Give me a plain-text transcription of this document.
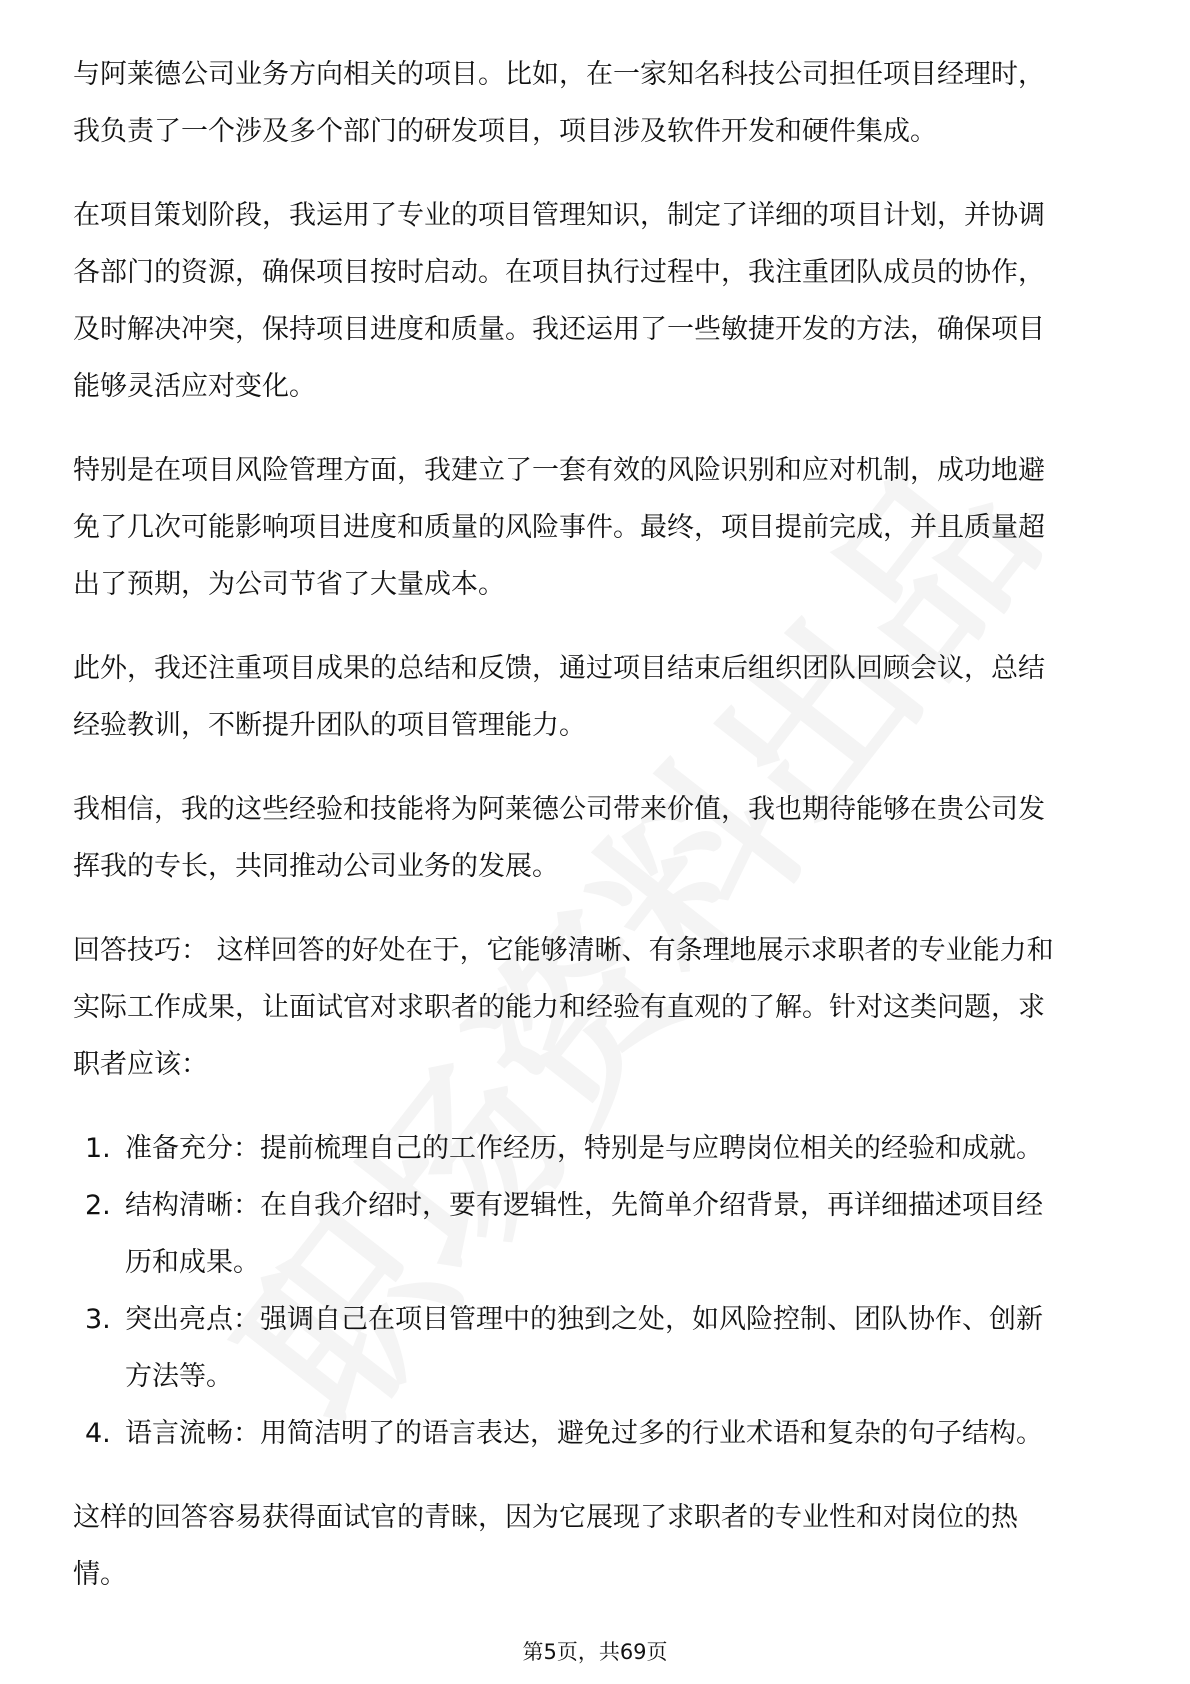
与阿莱德公司业务方向相关的项目。比如，在一家知名科技公司担任项目经理时，
我负责了一个涉及多个部门的研发项目，项目涉及软件开发和硬件集成。
在项目策划阶段，我运用了专业的项目管理知识，制定了详细的项目计划，并协调
各部门的资源，确保项目按时启动。在项目执行过程中，我注重团队成员的协作，
及时解决冲突，保持项目进度和质量。我还运用了一些敏捷开发的方法，确保项目
能够灵活应对变化。
特别是在项目风险管理方面，我建立了一套有效的风险识别和应对机制，成功地避
免了几次可能影响项目进度和质量的风险事件。最终，项目提前完成，并且质量超
出了预期，为公司节省了大量成本。
此外，我还注重项目成果的总结和反馈，通过项目结束后组织团队回顾会议，总结
经验教训，不断提升团队的项目管理能力。
我相信，我的这些经验和技能将为阿莱德公司带来价值，我也期待能够在贵公司发
挥我的专长，共同推动公司业务的发展。
回答技巧： 这样回答的好处在于，它能够清晰、有条理地展示求职者的专业能力和
实际工作成果，让面试官对求职者的能力和经验有直观的了解。针对这类问题，求
职者应该：
1. 准备充分：提前梳理自己的工作经历，特别是与应聘岗位相关的经验和成就。
2. 结构清晰：在自我介绍时，要有逻辑性，先简单介绍背景，再详细描述项目经
历和成果。
3. 突出亮点：强调自己在项目管理中的独到之处，如风险控制、团队协作、创新
方法等。
4. 语言流畅：用简洁明了的语言表达，避免过多的行业术语和复杂的句子结构。
这样的回答容易获得面试官的青睐，因为它展现了求职者的专业性和对岗位的热
情。
第5页，共69页
